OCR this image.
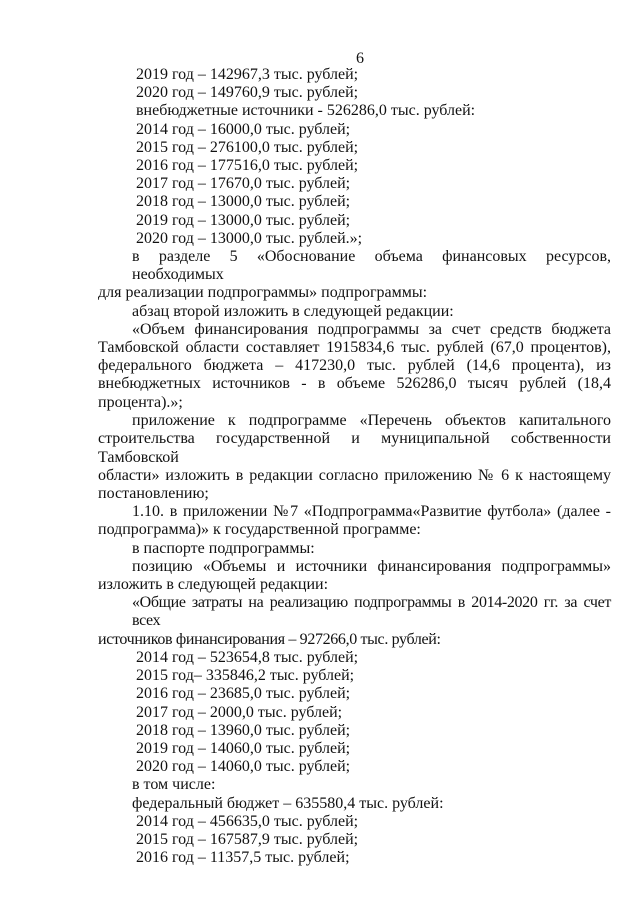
6
2019 год – 142967,3 тыс. рублей;
2020 год – 149760,9 тыс. рублей;
внебюджетные источники - 526286,0 тыс. рублей:
2014 год – 16000,0 тыс. рублей;
2015 год – 276100,0 тыс. рублей;
2016 год – 177516,0 тыс. рублей;
2017 год – 17670,0 тыс. рублей;
2018 год – 13000,0 тыс. рублей;
2019 год – 13000,0 тыс. рублей;
2020 год – 13000,0 тыс. рублей.»;
в разделе 5 «Обоснование объема финансовых ресурсов, необходимых
для реализации подпрограммы» подпрограммы:
абзац второй изложить в следующей редакции:
«Объем финансирования подпрограммы за счет средств бюджета
Тамбовской области составляет 1915834,6 тыс. рублей (67,0 процентов),
федерального бюджета – 417230,0 тыс. рублей (14,6 процента), из
внебюджетных источников - в объеме 526286,0 тысяч рублей (18,4
процента).»;
приложение к подпрограмме «Перечень объектов капитального
строительства государственной и муниципальной собственности Тамбовской
области» изложить в редакции согласно приложению № 6 к настоящему
постановлению;
1.10. в приложении №7 «Подпрограмма«Развитие футбола» (далее -
подпрограмма)» к государственной программе:
в паспорте подпрограммы:
позицию «Объемы и источники финансирования подпрограммы»
изложить в следующей редакции:
«Общие затраты на реализацию подпрограммы в 2014-2020 гг. за счет всех
источников финансирования – 927266,0 тыс. рублей:
2014 год – 523654,8 тыс. рублей;
2015 год– 335846,2 тыс. рублей;
2016 год – 23685,0 тыс. рублей;
2017 год – 2000,0 тыс. рублей;
2018 год – 13960,0 тыс. рублей;
2019 год – 14060,0 тыс. рублей;
2020 год – 14060,0 тыс. рублей;
в том числе:
федеральный бюджет – 635580,4 тыс. рублей:
2014 год – 456635,0 тыс. рублей;
2015 год – 167587,9 тыс. рублей;
2016 год – 11357,5 тыс. рублей;
